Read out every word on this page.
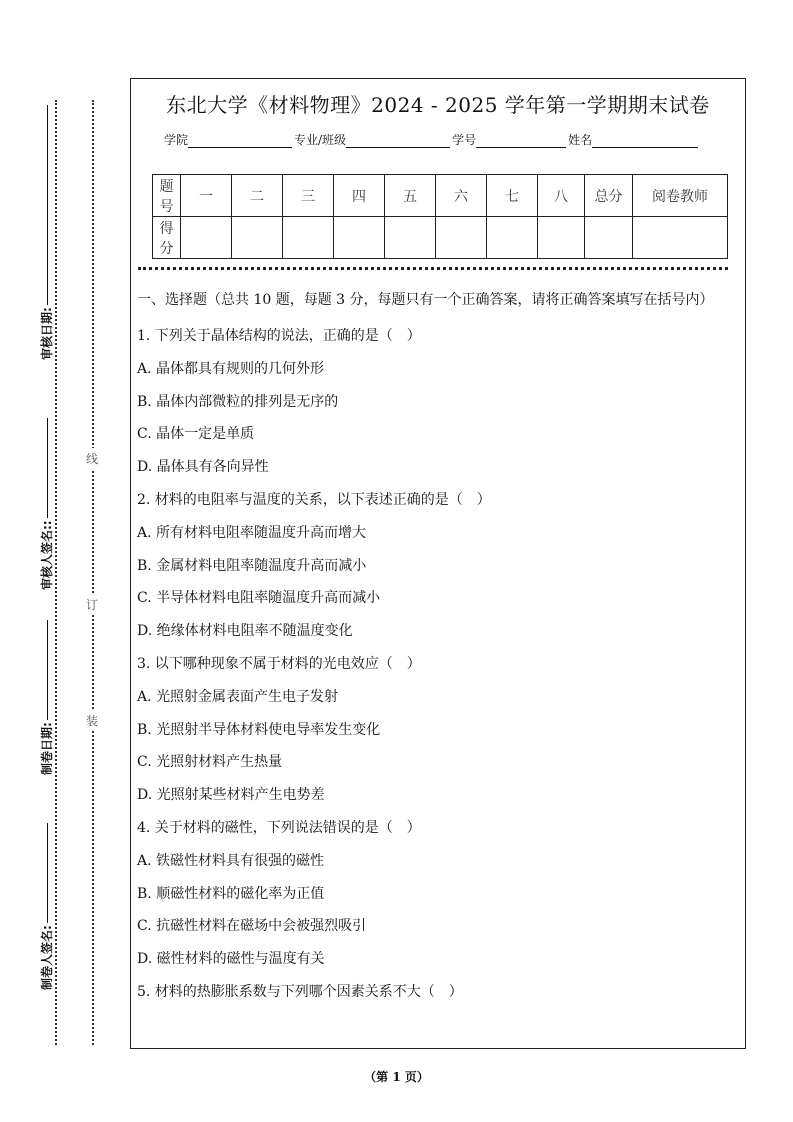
制卷人签名:
制卷日期:
审核人签名::
审核日期:
线
订
装
东北大学《材料物理》2024 - 2025 学年第一学期期末试卷
学院	专业/班级	学号	姓名
题号	一	二	三	四	五	六	七	八	总分	阅卷教师
得分										
一、选择题（总共 10 题，每题 3 分，每题只有一个正确答案，请将正确答案填写在括号内）
1. 下列关于晶体结构的说法，正确的是（　）
A. 晶体都具有规则的几何外形
B. 晶体内部微粒的排列是无序的
C. 晶体一定是单质
D. 晶体具有各向异性
2. 材料的电阻率与温度的关系，以下表述正确的是（　）
A. 所有材料电阻率随温度升高而增大
B. 金属材料电阻率随温度升高而减小
C. 半导体材料电阻率随温度升高而减小
D. 绝缘体材料电阻率不随温度变化
3. 以下哪种现象不属于材料的光电效应（　）
A. 光照射金属表面产生电子发射
B. 光照射半导体材料使电导率发生变化
C. 光照射材料产生热量
D. 光照射某些材料产生电势差
4. 关于材料的磁性，下列说法错误的是（　）
A. 铁磁性材料具有很强的磁性
B. 顺磁性材料的磁化率为正值
C. 抗磁性材料在磁场中会被强烈吸引
D. 磁性材料的磁性与温度有关
5. 材料的热膨胀系数与下列哪个因素关系不大（　）
（第 1 页）
